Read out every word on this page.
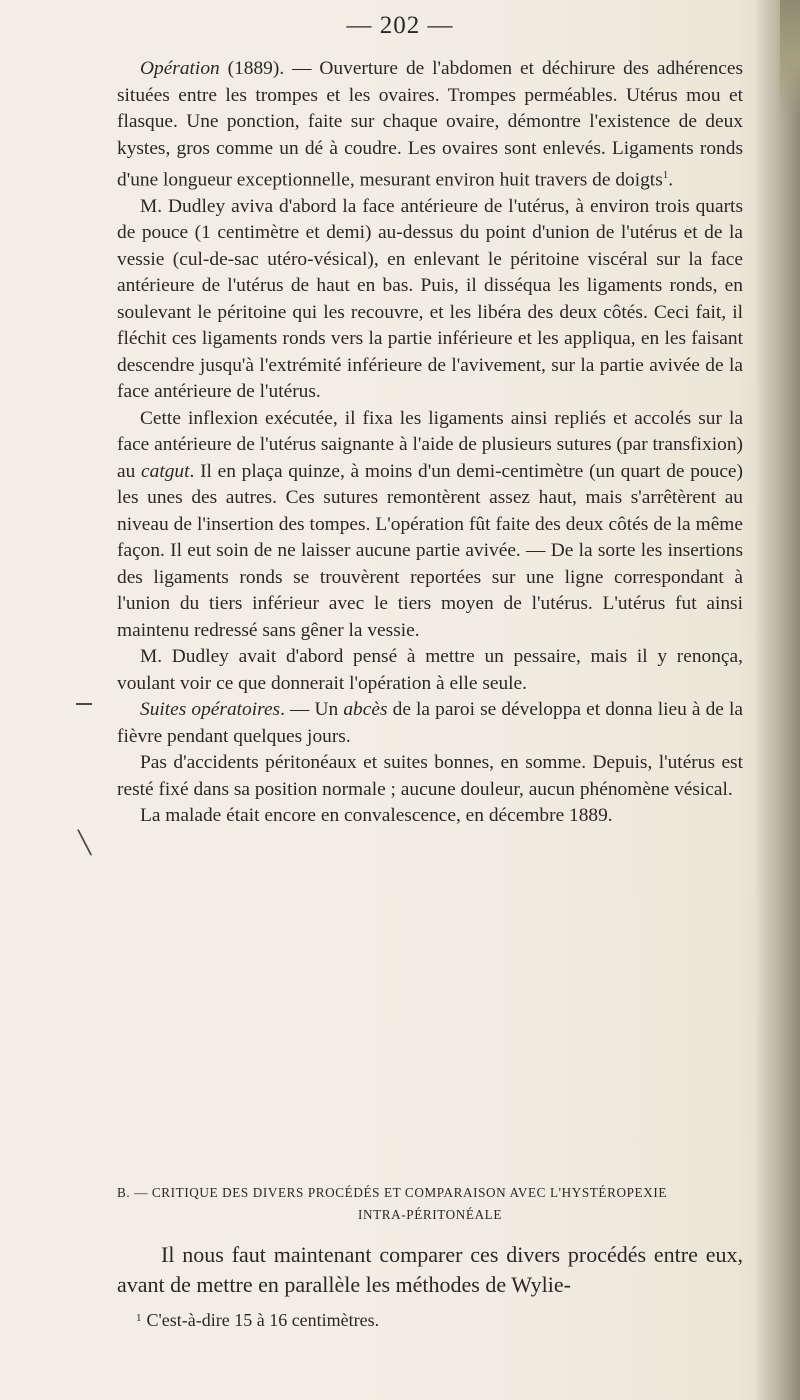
— 202 —

Opération (1889). — Ouverture de l'abdomen et déchirure des adhérences situées entre les trompes et les ovaires. Trompes perméables. Utérus mou et flasque. Une ponction, faite sur chaque ovaire, démontre l'existence de deux kystes, gros comme un dé à coudre. Les ovaires sont enlevés. Ligaments ronds d'une longueur exceptionnelle, mesurant environ huit travers de doigts$^1$.

M. Dudley aviva d'abord la face antérieure de l'utérus, à environ trois quarts de pouce (1 centimètre et demi) au-dessus du point d'union de l'utérus et de la vessie (cul-de-sac utéro-vésical), en enlevant le péritoine viscéral sur la face antérieure de l'utérus de haut en bas. Puis, il disséqua les ligaments ronds, en soulevant le péritoine qui les recouvre, et les libéra des deux côtés. Ceci fait, il fléchit ces ligaments ronds vers la partie inférieure et les appliqua, en les faisant descendre jusqu'à l'extrémité inférieure de l'avivement, sur la partie avivée de la face antérieure de l'utérus.

Cette inflexion exécutée, il fixa les ligaments ainsi repliés et accolés sur la face antérieure de l'utérus saignante à l'aide de plusieurs sutures (par transfixion) au catgut. Il en plaça quinze, à moins d'un demi-centimètre (un quart de pouce) les unes des autres. Ces sutures remontèrent assez haut, mais s'arrêtèrent au niveau de l'insertion des tompes. L'opération fût faite des deux côtés de la même façon. Il eut soin de ne laisser aucune partie avivée. — De la sorte les insertions des ligaments ronds se trouvèrent reportées sur une ligne correspondant à l'union du tiers inférieur avec le tiers moyen de l'utérus. L'utérus fut ainsi maintenu redressé sans gêner la vessie.

M. Dudley avait d'abord pensé à mettre un pessaire, mais il y renonça, voulant voir ce que donnerait l'opération à elle seule.

Suites opératoires. — Un abcès de la paroi se développa et donna lieu à de la fièvre pendant quelques jours.

Pas d'accidents péritonéaux et suites bonnes, en somme. Depuis, l'utérus est resté fixé dans sa position normale ; aucune douleur, aucun phénomène vésical.

La malade était encore en convalescence, en décembre 1889.

╲
B. — CRITIQUE DES DIVERS PROCÉDÉS ET COMPARAISON AVEC L'HYSTÉROPEXIE
INTRA-PÉRITONÉALE

Il nous faut maintenant comparer ces divers procédés entre eux, avant de mettre en parallèle les méthodes de Wylie-

$^1$ C'est-à-dire 15 à 16 centimètres.
